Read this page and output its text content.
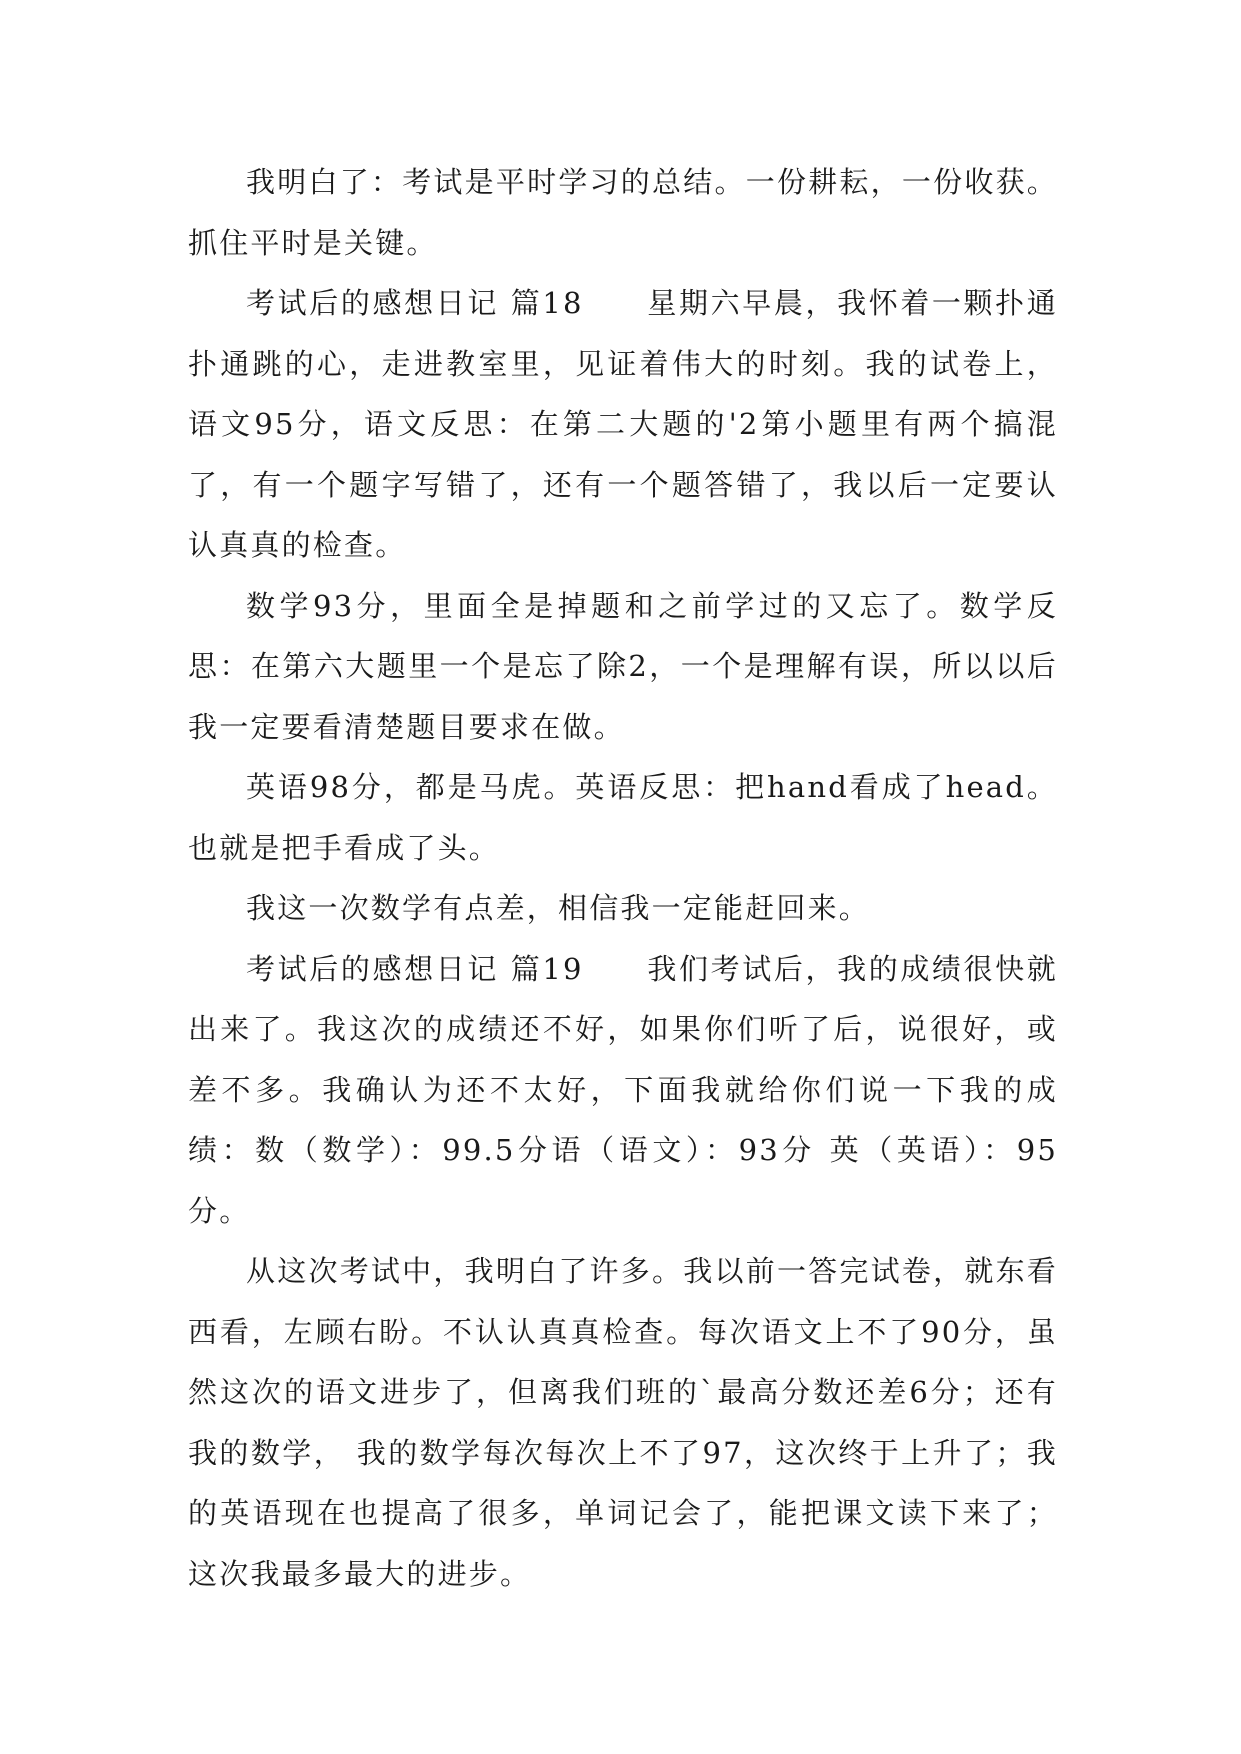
我明白了：考试是平时学习的总结。一份耕耘，一份收获。抓住平时是关键。

考试后的感想日记 篇18　　星期六早晨，我怀着一颗扑通扑通跳的心，走进教室里，见证着伟大的时刻。我的试卷上，语文95分，语文反思：在第二大题的'2第小题里有两个搞混了，有一个题字写错了，还有一个题答错了，我以后一定要认认真真的检查。

数学93分，里面全是掉题和之前学过的又忘了。数学反思：在第六大题里一个是忘了除2，一个是理解有误，所以以后我一定要看清楚题目要求在做。

英语98分，都是马虎。英语反思：把hand看成了head。也就是把手看成了头。

我这一次数学有点差，相信我一定能赶回来。

考试后的感想日记 篇19　　我们考试后，我的成绩很快就出来了。我这次的成绩还不好，如果你们听了后，说很好，或差不多。我确认为还不太好，下面我就给你们说一下我的成绩：数（数学）：99.5分语（语文）：93分 英（英语）：95分。

从这次考试中，我明白了许多。我以前一答完试卷，就东看西看，左顾右盼。不认认真真检查。每次语文上不了90分，虽然这次的语文进步了，但离我们班的`最高分数还差6分；还有我的数学， 我的数学每次每次上不了97，这次终于上升了；我的英语现在也提高了很多，单词记会了，能把课文读下来了；这次我最多最大的进步。
